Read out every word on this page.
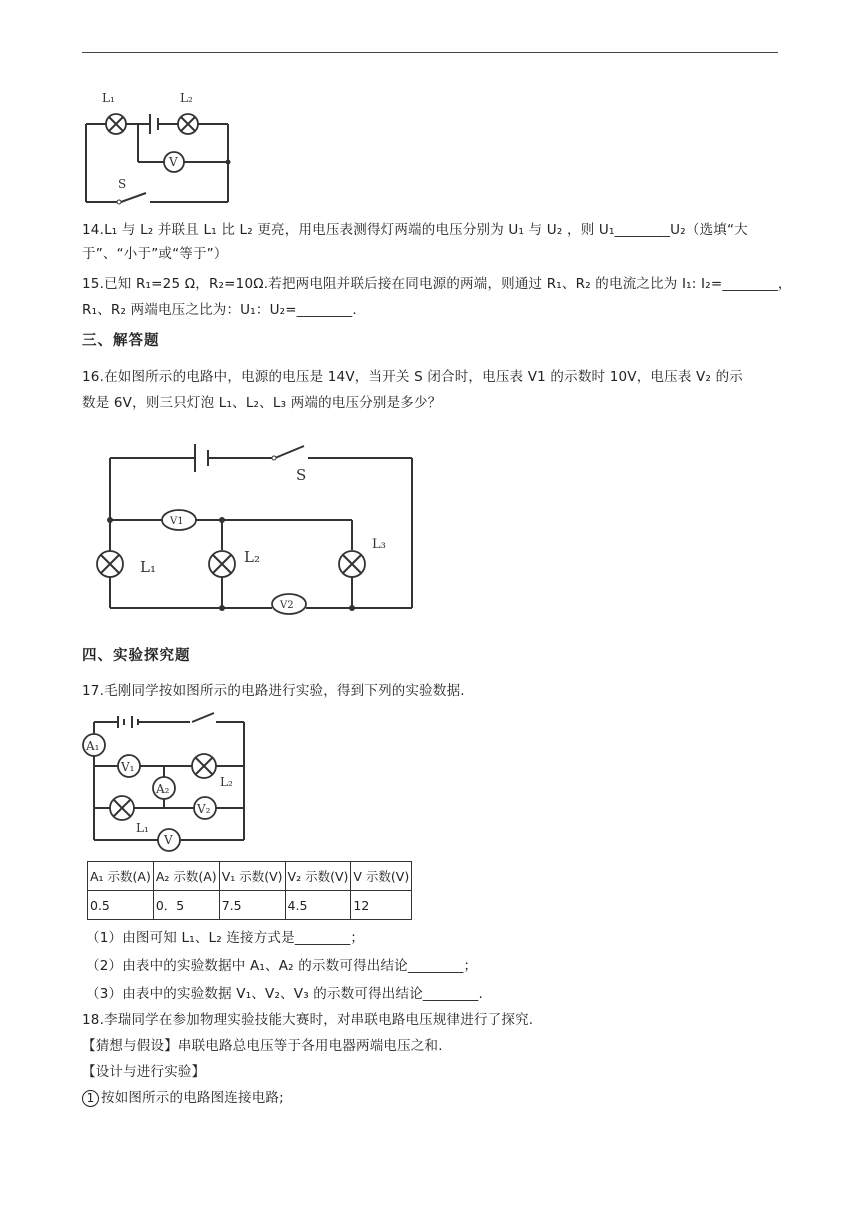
L₁	L₂
V
S
14.L₁ 与 L₂ 并联且 L₁ 比 L₂ 更亮，用电压表测得灯两端的电压分别为 U₁ 与 U₂ ，则 U₁________U₂（选填“大
于”、“小于”或“等于”）
15.已知 R₁=25 Ω，R₂=10Ω.若把两电阻并联后接在同电源的两端，则通过 R₁、R₂ 的电流之比为 I₁: I₂=________，
R₁、R₂ 两端电压之比为：U₁：U₂=________.
三、解答题
16.在如图所示的电路中，电源的电压是 14V，当开关 S 闭合时，电压表 V1 的示数时 10V，电压表 V₂ 的示
数是 6V，则三只灯泡 L₁、L₂、L₃ 两端的电压分别是多少？
S
V1
L₁
L₂
L₃
V2
四、实验探究题
17.毛刚同学按如图所示的电路进行实验，得到下列的实验数据.
A₁
V₁
L₂
A₂
L₁
V₂
V
A₁ 示数(A)	A₂ 示数(A)	V₁ 示数(V)	V₂ 示数(V)	V 示数(V)
0.5	0．5	7.5	4.5	12
（1）由图可知 L₁、L₂ 连接方式是________；
（2）由表中的实验数据中 A₁、A₂ 的示数可得出结论________；
（3）由表中的实验数据 V₁、V₂、V₃ 的示数可得出结论________.
18.李瑞同学在参加物理实验技能大赛时，对串联电路电压规律进行了探究.
【猜想与假设】串联电路总电压等于各用电器两端电压之和.
【设计与进行实验】
1 按如图所示的电路图连接电路;
